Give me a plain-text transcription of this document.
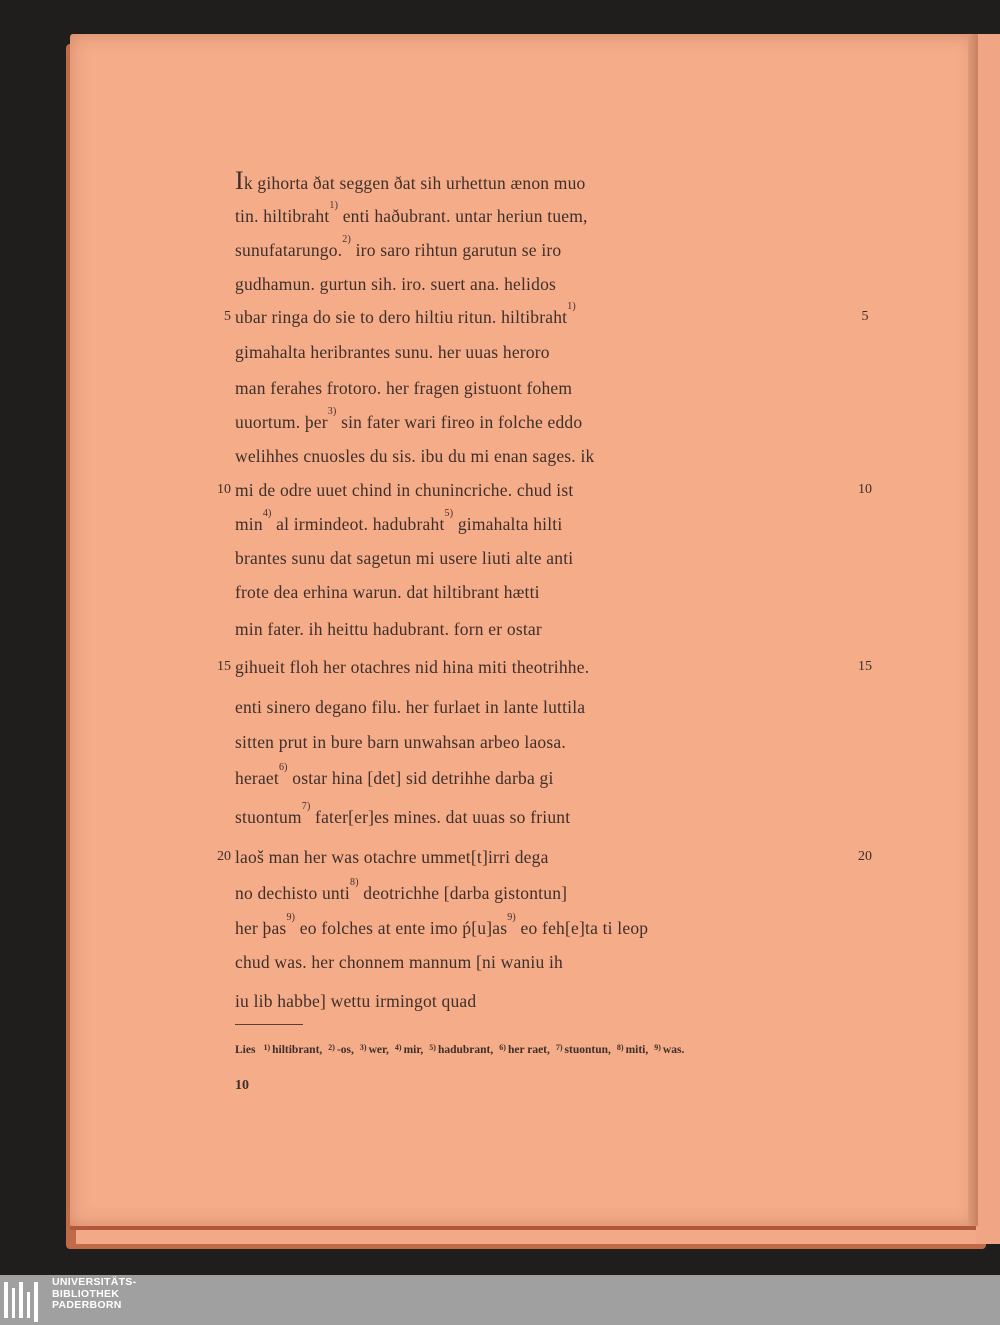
Ik gihorta ðat seggen ðat sih urhettun ænon muo
tin. hiltibraht$^{1)}$ enti haðubrant. untar heriun tuem,
sunufatarungo.$^{2)}$ iro saro rihtun garutun se iro
gudhamun. gurtun sih. iro. suert ana. helidos
ubar ringa do sie to dero hiltiu ritun. hiltibraht$^{1)}$
gimahalta heribrantes sunu. her uuas heroro
man ferahes frotoro. her fragen gistuont fohem
uuortum. þer$^{3)}$ sin fater wari fireo in folche eddo
welihhes cnuosles du sis. ibu du mi enan sages. ik
mi de odre uuet chind in chunincriche. chud ist
$\min^{4)}$ al irmindeot. hadubraht$^{5)}$ gimahalta hilti
brantes sunu dat sagetun mi usere liuti alte anti
frote dea erhina warun. dat hiltibrant hætti
min fater. ih heittu hadubrant. forn er ostar
gihueit floh her otachres nid hina miti theotrihhe.
enti sinero degano filu. her furlaet in lante luttila
sitten prut in bure barn unwahsan arbeo laosa.
heraet$^{6)}$ ostar hina [det] sid detrihhe darba gi
stuontum$^{7)}$ fater[er]es mines. dat uuas so friunt
laoš man her was otachre ummet[t]irri dega
no dechisto unti$^{8)}$ deotrichhe [darba gistontun]
her þas$^{9)}$ eo folches at ente imo $ṕ[u]as^{9)}$ eo feh[e]ta ti leop
chud was. her chonnem mannum [ni waniu ih
iu lib habbe] wettu irmingot quad
5
10
15
20
5
10
15
20
Lies $^{1)}$ hiltibrant, $^{2)}$ -os, $^{3)}$ wer, $^{4)}$ mir, $^{5)}$ hadubrant, $^{6)}$ her raet, $^{7)}$ stuontun, $^{8)}$ miti, $^{9)}$ was.
10
UNIVERSITÄTS-
BIBLIOTHEK
PADERBORN
